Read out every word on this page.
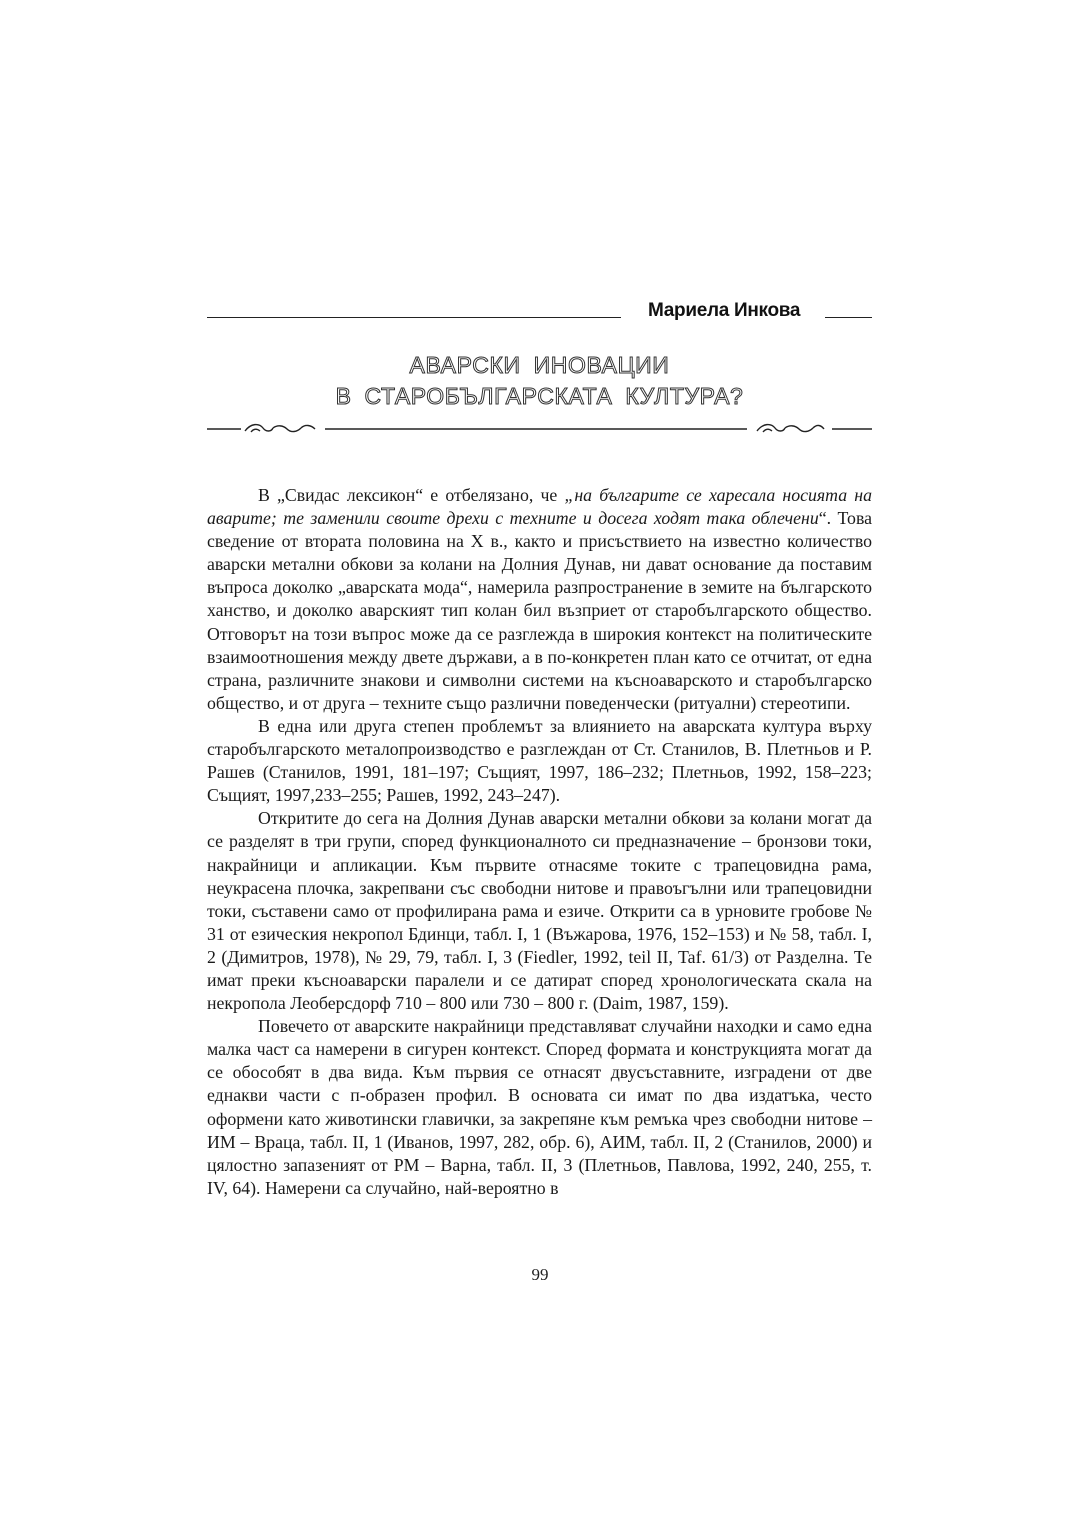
Мариела Инкова
АВАРСКИ ИНОВАЦИИ
В СТАРОБЪЛГАРСКАТА КУЛТУРА?

В „Свидас лексикон“ е отбелязано, че „на българите се харесала носията на аварите; те заменили своите дрехи с техните и досега ходят така облечени“. Това сведение от втората половина на X в., както и присъствието на известно количество аварски метални обкови за колани на Долния Дунав, ни дават основание да поставим въпроса доколко „аварската мода“, намерила разпространение в земите на българското ханство, и доколко аварският тип колан бил възприет от старобългарското общество. Отговорът на този въпрос може да се разглежда в широкия контекст на политическите взаимоотношения между двете държави, а в по-конкретен план като се отчитат, от една страна, различните знакови и символни системи на късноаварското и старобългарско общество, и от друга – техните също различни поведенчески (ритуални) стереотипи.

В една или друга степен проблемът за влиянието на аварската култура върху старобългарското металопроизводство е разглеждан от Ст. Станилов, В. Плетньов и Р. Рашев (Станилов, 1991, 181–197; Същият, 1997, 186–232; Плетньов, 1992, 158–223; Същият, 1997,233–255; Рашев, 1992, 243–247).

Откритите до сега на Долния Дунав аварски метални обкови за колани могат да се разделят в три групи, според функционалното си предназначение – бронзови токи, накрайници и апликации. Към първите отнасяме токите с трапецовидна рама, неукрасена плочка, закрепвани със свободни нитове и правоъгълни или трапецовидни токи, съставени само от профилирана рама и езиче. Открити са в урновите гробове № 31 от езическия некропол Бдинци, табл. I, 1 (Въжарова, 1976, 152–153) и № 58, табл. I, 2 (Димитров, 1978), № 29, 79, табл. I, 3 (Fiedler, 1992, teil II, Taf. 61/3) от Разделна. Те имат преки късноаварски паралели и се датират според хронологическата скала на некропола Леоберсдорф 710 – 800 или 730 – 800 г. (Daim, 1987, 159).

Повечето от аварските накрайници представляват случайни находки и само една малка част са намерени в сигурен контекст. Според формата и конструкцията могат да се обособят в два вида. Към първия се отнасят двусъставните, изградени от две еднакви части с п-образен профил. В основата си имат по два издатъка, често оформени като животински главички, за закрепяне към ремъка чрез свободни нитове – ИМ – Враца, табл. II, 1 (Иванов, 1997, 282, обр. 6), АИМ, табл. II, 2 (Станилов, 2000) и цялостно запазеният от РМ – Варна, табл. II, 3 (Плетньов, Павлова, 1992, 240, 255, т. IV, 64). Намерени са случайно, най-вероятно в

99
